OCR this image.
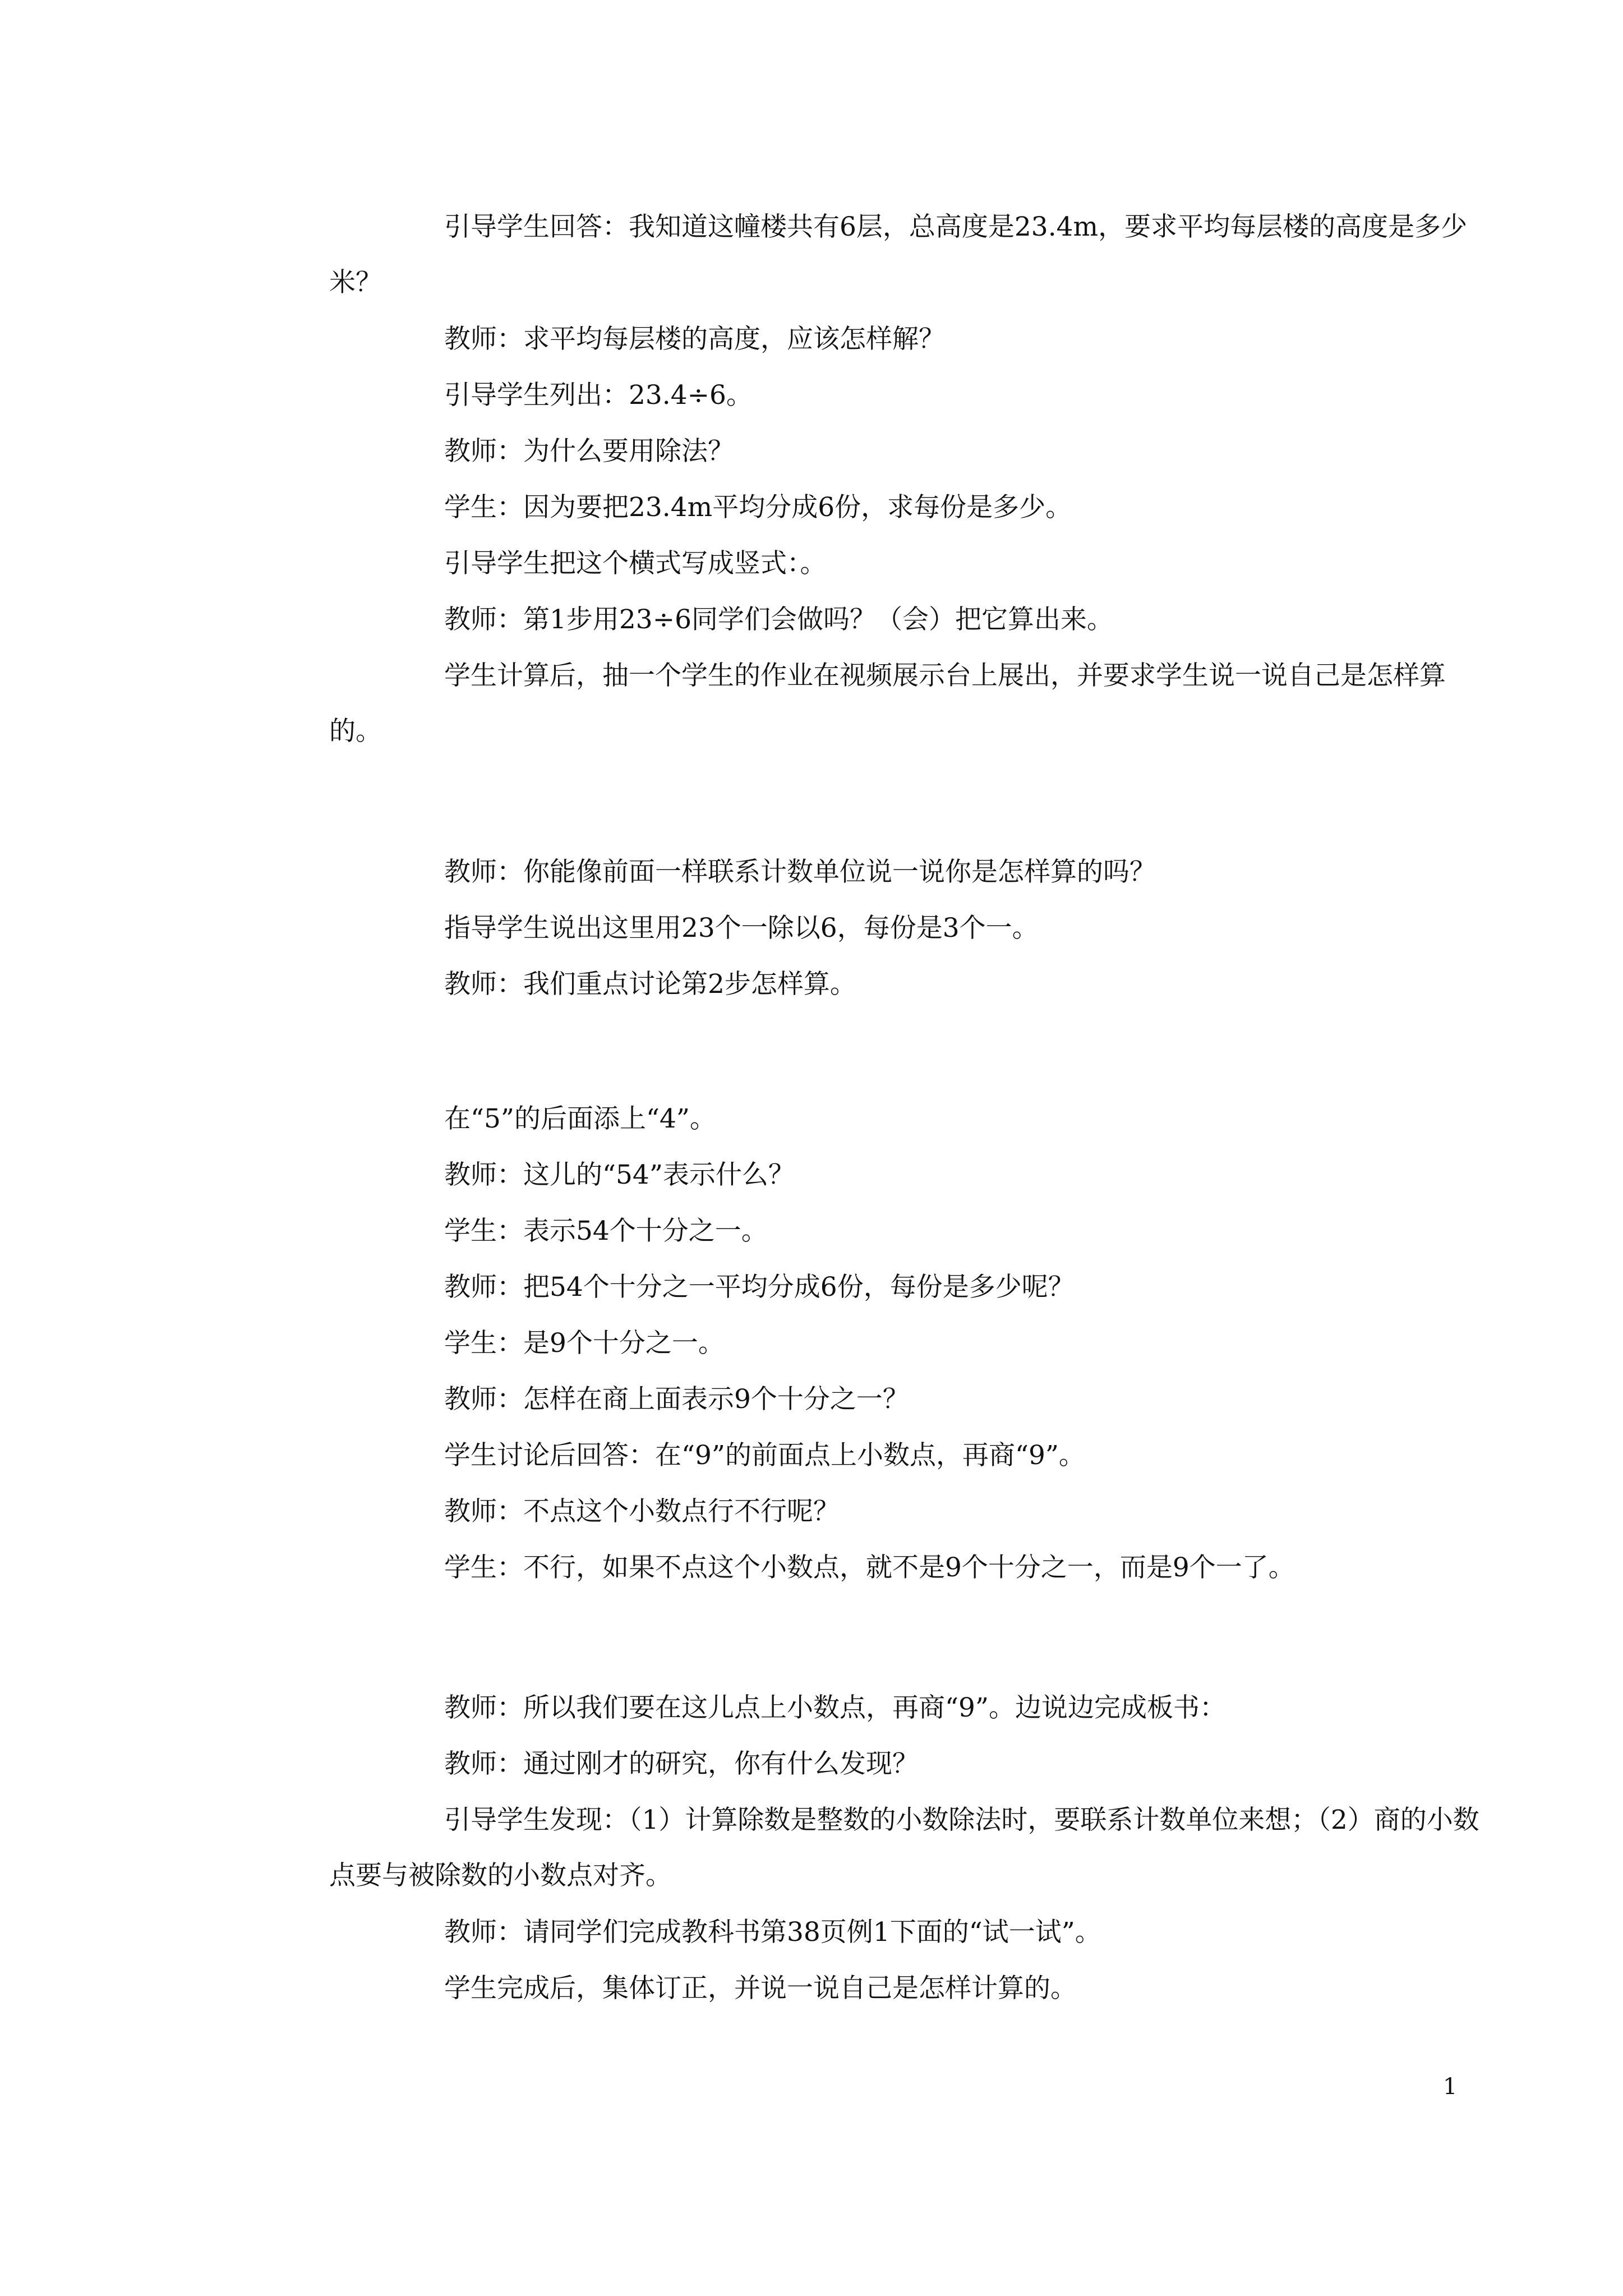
引导学生回答：我知道这幢楼共有6层，总高度是23.4m，要求平均每层楼的高度是多少米？

教师：求平均每层楼的高度，应该怎样解？

引导学生列出：23.4÷6。

教师：为什么要用除法？

学生：因为要把23.4m平均分成6份，求每份是多少。

引导学生把这个横式写成竖式：。

教师：第1步用23÷6同学们会做吗？（会）把它算出来。

学生计算后，抽一个学生的作业在视频展示台上展出，并要求学生说一说自己是怎样算的。

教师：你能像前面一样联系计数单位说一说你是怎样算的吗？

指导学生说出这里用23个一除以6，每份是3个一。

教师：我们重点讨论第2步怎样算。

在“5”的后面添上“4”。

教师：这儿的“54”表示什么？

学生：表示54个十分之一。

教师：把54个十分之一平均分成6份，每份是多少呢？

学生：是9个十分之一。

教师：怎样在商上面表示9个十分之一？

学生讨论后回答：在“9”的前面点上小数点，再商“9”。

教师：不点这个小数点行不行呢？

学生：不行，如果不点这个小数点，就不是9个十分之一，而是9个一了。

教师：所以我们要在这儿点上小数点，再商“9”。边说边完成板书：

教师：通过刚才的研究，你有什么发现？

引导学生发现：（1）计算除数是整数的小数除法时，要联系计数单位来想；（2）商的小数点要与被除数的小数点对齐。

教师：请同学们完成教科书第38页例1下面的“试一试”。

学生完成后，集体订正，并说一说自己是怎样计算的。

1
